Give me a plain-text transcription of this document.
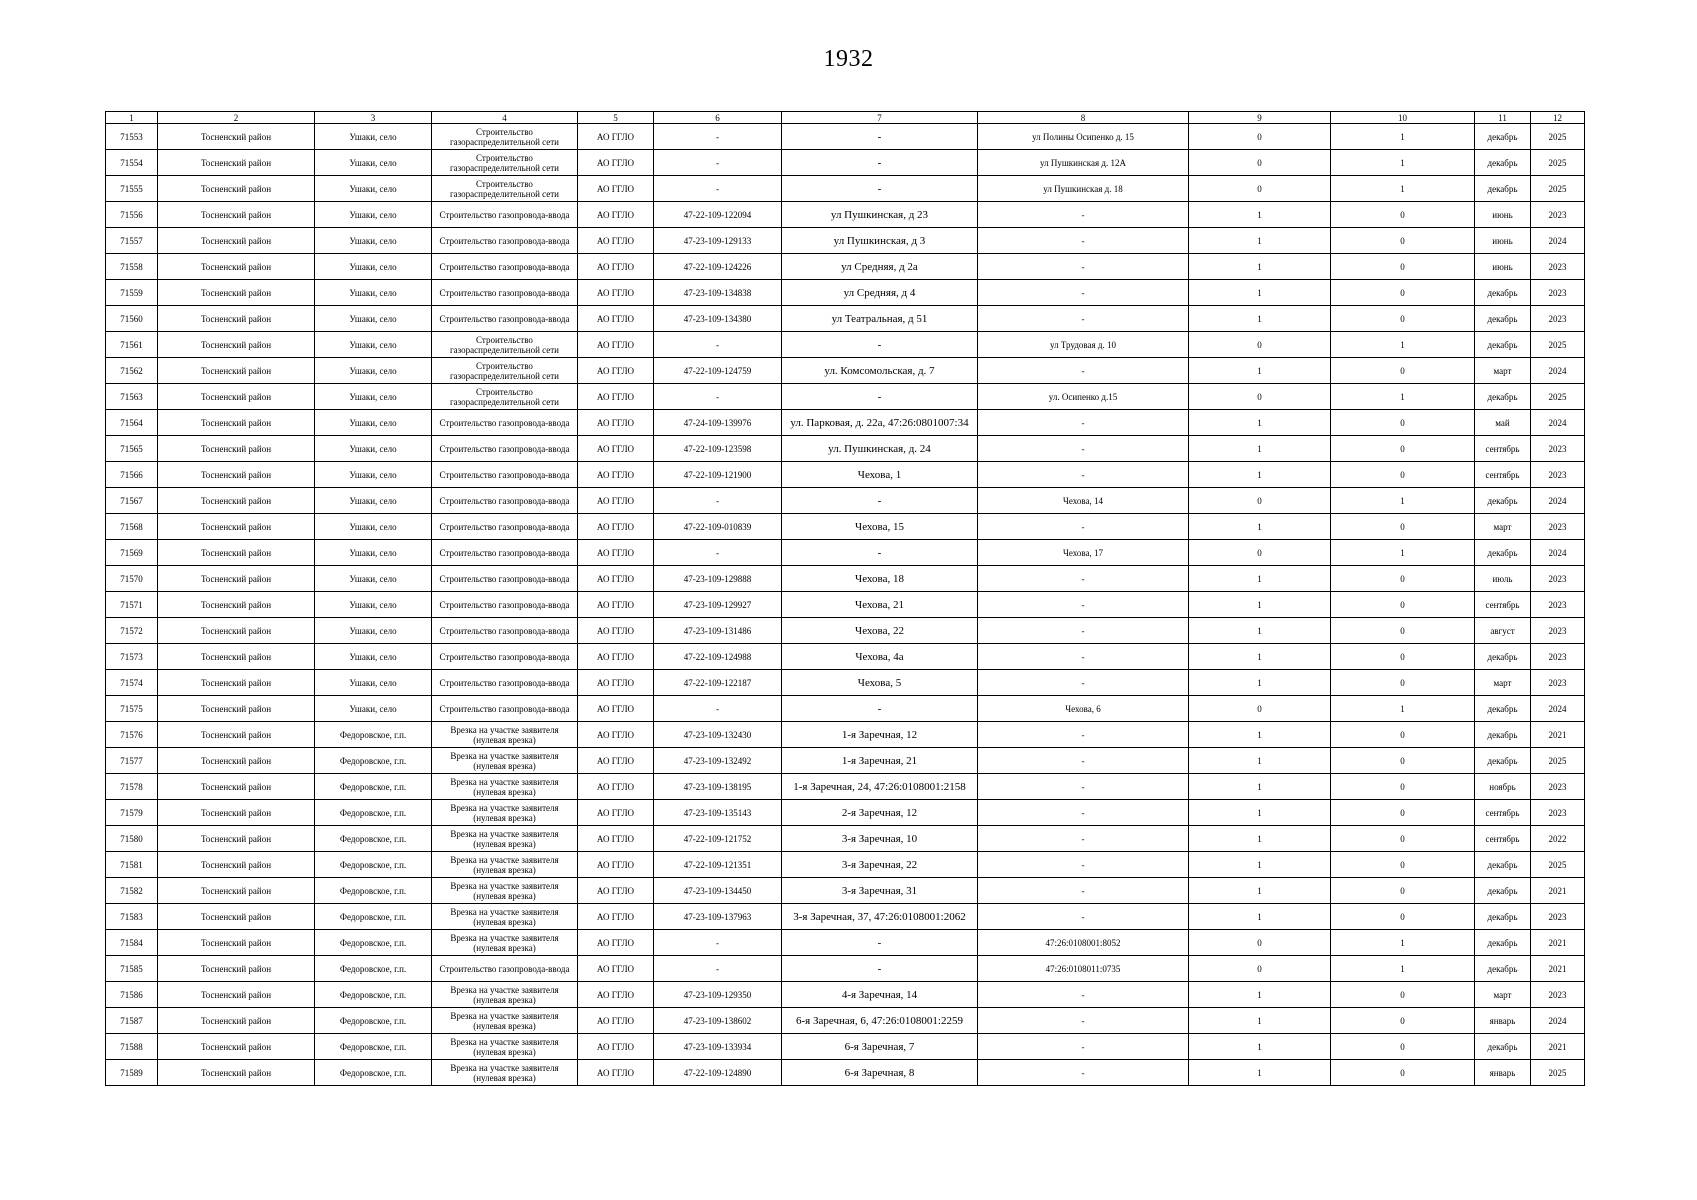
1932
1	2	3	4	5	6	7	8	9	10	11	12
71553	Тосненский район	Ушаки, село	Строительство газораспределительной сети	АО ГГЛО	-	-	ул Полины Осипенко д. 15	0	1	декабрь	2025
71554	Тосненский район	Ушаки, село	Строительство газораспределительной сети	АО ГГЛО	-	-	ул Пушкинская д. 12А	0	1	декабрь	2025
71555	Тосненский район	Ушаки, село	Строительство газораспределительной сети	АО ГГЛО	-	-	ул Пушкинская д. 18	0	1	декабрь	2025
71556	Тосненский район	Ушаки, село	Строительство газопровода-ввода	АО ГГЛО	47-22-109-122094	ул Пушкинская, д 23	-	1	0	июнь	2023
71557	Тосненский район	Ушаки, село	Строительство газопровода-ввода	АО ГГЛО	47-23-109-129133	ул Пушкинская, д 3	-	1	0	июнь	2024
71558	Тосненский район	Ушаки, село	Строительство газопровода-ввода	АО ГГЛО	47-22-109-124226	ул Средняя, д 2а	-	1	0	июнь	2023
71559	Тосненский район	Ушаки, село	Строительство газопровода-ввода	АО ГГЛО	47-23-109-134838	ул Средняя, д 4	-	1	0	декабрь	2023
71560	Тосненский район	Ушаки, село	Строительство газопровода-ввода	АО ГГЛО	47-23-109-134380	ул Театральная, д 51	-	1	0	декабрь	2023
71561	Тосненский район	Ушаки, село	Строительство газораспределительной сети	АО ГГЛО	-	-	ул Трудовая д. 10	0	1	декабрь	2025
71562	Тосненский район	Ушаки, село	Строительство газораспределительной сети	АО ГГЛО	47-22-109-124759	ул. Комсомольская, д. 7	-	1	0	март	2024
71563	Тосненский район	Ушаки, село	Строительство газораспределительной сети	АО ГГЛО	-	-	ул. Осипенко д.15	0	1	декабрь	2025
71564	Тосненский район	Ушаки, село	Строительство газопровода-ввода	АО ГГЛО	47-24-109-139976	ул. Парковая, д. 22а, 47:26:0801007:34	-	1	0	май	2024
71565	Тосненский район	Ушаки, село	Строительство газопровода-ввода	АО ГГЛО	47-22-109-123598	ул. Пушкинская, д. 24	-	1	0	сентябрь	2023
71566	Тосненский район	Ушаки, село	Строительство газопровода-ввода	АО ГГЛО	47-22-109-121900	Чехова, 1	-	1	0	сентябрь	2023
71567	Тосненский район	Ушаки, село	Строительство газопровода-ввода	АО ГГЛО	-	-	Чехова, 14	0	1	декабрь	2024
71568	Тосненский район	Ушаки, село	Строительство газопровода-ввода	АО ГГЛО	47-22-109-010839	Чехова, 15	-	1	0	март	2023
71569	Тосненский район	Ушаки, село	Строительство газопровода-ввода	АО ГГЛО	-	-	Чехова, 17	0	1	декабрь	2024
71570	Тосненский район	Ушаки, село	Строительство газопровода-ввода	АО ГГЛО	47-23-109-129888	Чехова, 18	-	1	0	июль	2023
71571	Тосненский район	Ушаки, село	Строительство газопровода-ввода	АО ГГЛО	47-23-109-129927	Чехова, 21	-	1	0	сентябрь	2023
71572	Тосненский район	Ушаки, село	Строительство газопровода-ввода	АО ГГЛО	47-23-109-131486	Чехова, 22	-	1	0	август	2023
71573	Тосненский район	Ушаки, село	Строительство газопровода-ввода	АО ГГЛО	47-22-109-124988	Чехова, 4а	-	1	0	декабрь	2023
71574	Тосненский район	Ушаки, село	Строительство газопровода-ввода	АО ГГЛО	47-22-109-122187	Чехова, 5	-	1	0	март	2023
71575	Тосненский район	Ушаки, село	Строительство газопровода-ввода	АО ГГЛО	-	-	Чехова, 6	0	1	декабрь	2024
71576	Тосненский район	Федоровское, г.п.	Врезка на участке заявителя (нулевая врезка)	АО ГГЛО	47-23-109-132430	1-я Заречная, 12	-	1	0	декабрь	2021
71577	Тосненский район	Федоровское, г.п.	Врезка на участке заявителя (нулевая врезка)	АО ГГЛО	47-23-109-132492	1-я Заречная, 21	-	1	0	декабрь	2025
71578	Тосненский район	Федоровское, г.п.	Врезка на участке заявителя (нулевая врезка)	АО ГГЛО	47-23-109-138195	1-я Заречная, 24, 47:26:0108001:2158	-	1	0	ноябрь	2023
71579	Тосненский район	Федоровское, г.п.	Врезка на участке заявителя (нулевая врезка)	АО ГГЛО	47-23-109-135143	2-я Заречная, 12	-	1	0	сентябрь	2023
71580	Тосненский район	Федоровское, г.п.	Врезка на участке заявителя (нулевая врезка)	АО ГГЛО	47-22-109-121752	3-я Заречная, 10	-	1	0	сентябрь	2022
71581	Тосненский район	Федоровское, г.п.	Врезка на участке заявителя (нулевая врезка)	АО ГГЛО	47-22-109-121351	3-я Заречная, 22	-	1	0	декабрь	2025
71582	Тосненский район	Федоровское, г.п.	Врезка на участке заявителя (нулевая врезка)	АО ГГЛО	47-23-109-134450	3-я Заречная, 31	-	1	0	декабрь	2021
71583	Тосненский район	Федоровское, г.п.	Врезка на участке заявителя (нулевая врезка)	АО ГГЛО	47-23-109-137963	3-я Заречная, 37, 47:26:0108001:2062	-	1	0	декабрь	2023
71584	Тосненский район	Федоровское, г.п.	Врезка на участке заявителя (нулевая врезка)	АО ГГЛО	-	-	47:26:0108001:8052	0	1	декабрь	2021
71585	Тосненский район	Федоровское, г.п.	Строительство газопровода-ввода	АО ГГЛО	-	-	47:26:0108011:0735	0	1	декабрь	2021
71586	Тосненский район	Федоровское, г.п.	Врезка на участке заявителя (нулевая врезка)	АО ГГЛО	47-23-109-129350	4-я Заречная, 14	-	1	0	март	2023
71587	Тосненский район	Федоровское, г.п.	Врезка на участке заявителя (нулевая врезка)	АО ГГЛО	47-23-109-138602	6-я Заречная, 6, 47:26:0108001:2259	-	1	0	январь	2024
71588	Тосненский район	Федоровское, г.п.	Врезка на участке заявителя (нулевая врезка)	АО ГГЛО	47-23-109-133934	6-я Заречная, 7	-	1	0	декабрь	2021
71589	Тосненский район	Федоровское, г.п.	Врезка на участке заявителя (нулевая врезка)	АО ГГЛО	47-22-109-124890	6-я Заречная, 8	-	1	0	январь	2025
